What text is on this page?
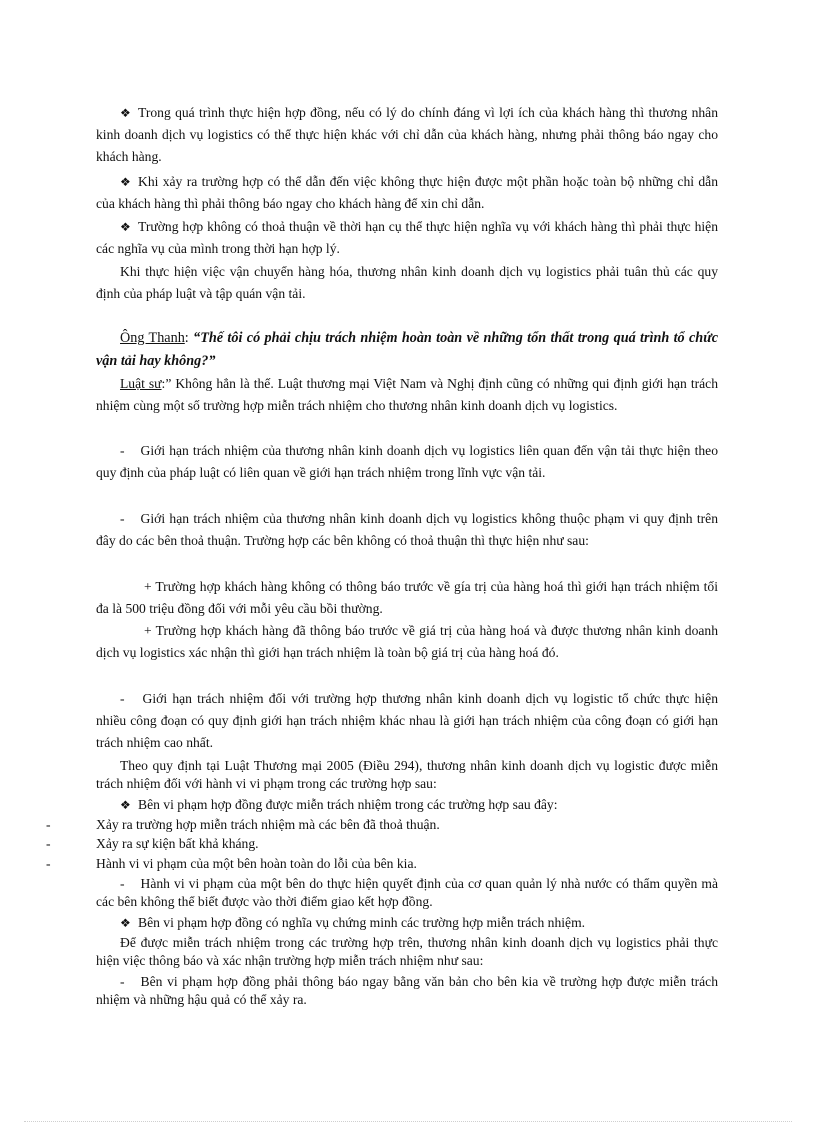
❖ Trong quá trình thực hiện hợp đồng, nếu có lý do chính đáng vì lợi ích của khách hàng thì thương nhân kinh doanh dịch vụ logistics có thể thực hiện khác với chỉ dẫn của khách hàng, nhưng phải thông báo ngay cho khách hàng.

❖ Khi xảy ra trường hợp có thể dẫn đến việc không thực hiện được một phần hoặc toàn bộ những chỉ dẫn của khách hàng thì phải thông báo ngay cho khách hàng để xin chỉ dẫn.

❖ Trường hợp không có thoả thuận về thời hạn cụ thể thực hiện nghĩa vụ với khách hàng thì phải thực hiện các nghĩa vụ của mình trong thời hạn hợp lý.

Khi thực hiện việc vận chuyển hàng hóa, thương nhân kinh doanh dịch vụ logistics phải tuân thủ các quy định của pháp luật và tập quán vận tải.

Ông Thanh: “Thế tôi có phải chịu trách nhiệm hoàn toàn về những tổn thất trong quá trình tổ chức vận tải hay không?”

Luật sư:” Không hẳn là thế. Luật thương mại Việt Nam và Nghị định cũng có những qui định giới hạn trách nhiệm cùng một số trường hợp miễn trách nhiệm cho thương nhân kinh doanh dịch vụ logistics.

- Giới hạn trách nhiệm của thương nhân kinh doanh dịch vụ logistics liên quan đến vận tải thực hiện theo quy định của pháp luật có liên quan về giới hạn trách nhiệm trong lĩnh vực vận tải.

- Giới hạn trách nhiệm của thương nhân kinh doanh dịch vụ logistics không thuộc phạm vi quy định trên đây do các bên thoả thuận. Trường hợp các bên không có thoả thuận thì thực hiện như sau:

+ Trường hợp khách hàng không có thông báo trước về gía trị của hàng hoá thì giới hạn trách nhiệm tối đa là 500 triệu đồng đối với mỗi yêu cầu bồi thường.

+ Trường hợp khách hàng đã thông báo trước về giá trị của hàng hoá và được thương nhân kinh doanh dịch vụ logistics xác nhận thì giới hạn trách nhiệm là toàn bộ giá trị của hàng hoá đó.

- Giới hạn trách nhiệm đối với trường hợp thương nhân kinh doanh dịch vụ logistic tổ chức thực hiện nhiều công đoạn có quy định giới hạn trách nhiệm khác nhau là giới hạn trách nhiệm của công đoạn có giới hạn trách nhiệm cao nhất.

Theo quy định tại Luật Thương mại 2005 (Điều 294), thương nhân kinh doanh dịch vụ logistic được miễn trách nhiệm đối với hành vi vi phạm trong các trường hợp sau:

❖ Bên vi phạm hợp đồng được miễn trách nhiệm trong các trường hợp sau đây:

-	Xảy ra trường hợp miễn trách nhiệm mà các bên đã thoả thuận.
-	Xảy ra sự kiện bất khả kháng.
-	Hành vi vi phạm của một bên hoàn toàn do lỗi của bên kia.

- Hành vi vi phạm của một bên do thực hiện quyết định của cơ quan quản lý nhà nước có thẩm quyền mà các bên không thể biết được vào thời điểm giao kết hợp đồng.

❖ Bên vi phạm hợp đồng có nghĩa vụ chứng minh các trường hợp miễn trách nhiệm.

Để được miễn trách nhiệm trong các trường hợp trên, thương nhân kinh doanh dịch vụ logistics phải thực hiện việc thông báo và xác nhận trường hợp miễn trách nhiệm như sau:

- Bên vi phạm hợp đồng phải thông báo ngay bằng văn bản cho bên kia về trường hợp được miễn trách nhiệm và những hậu quả có thể xảy ra.
